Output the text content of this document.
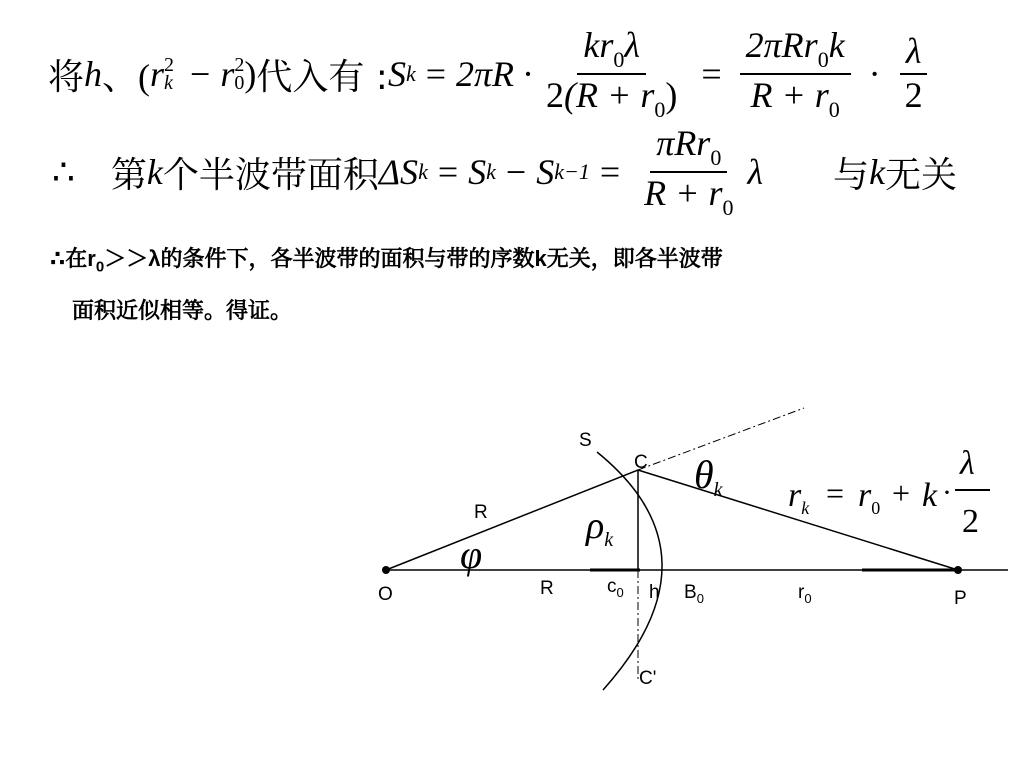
将 h 、( r 2
k − r 2
0 ) 代入有 : S $k = 2\pi R \cdot \frac{kr_0\lambda}{2(R + r_0)} = \frac{2\pi Rr_0k}{R + r_0} \cdot \frac{\lambda}{2}$
∴ 第 k 个半波带面积 ΔS k = S k − S $k-1 = \frac{\pi Rr_0}{R + r_0}$ λ 与 k 无关
∴在$r_0>>\lambda$的条件下，各半波带的面积与带的序数k无关，即各半波带
面积近似相等。得证。
S
C
R
R
O	$c_0$ h $B_0$	$r_0$	P
C'
φ
$\rho_k$
$\theta_k$ $r_k = r_0 + k$ ·
λ
2
